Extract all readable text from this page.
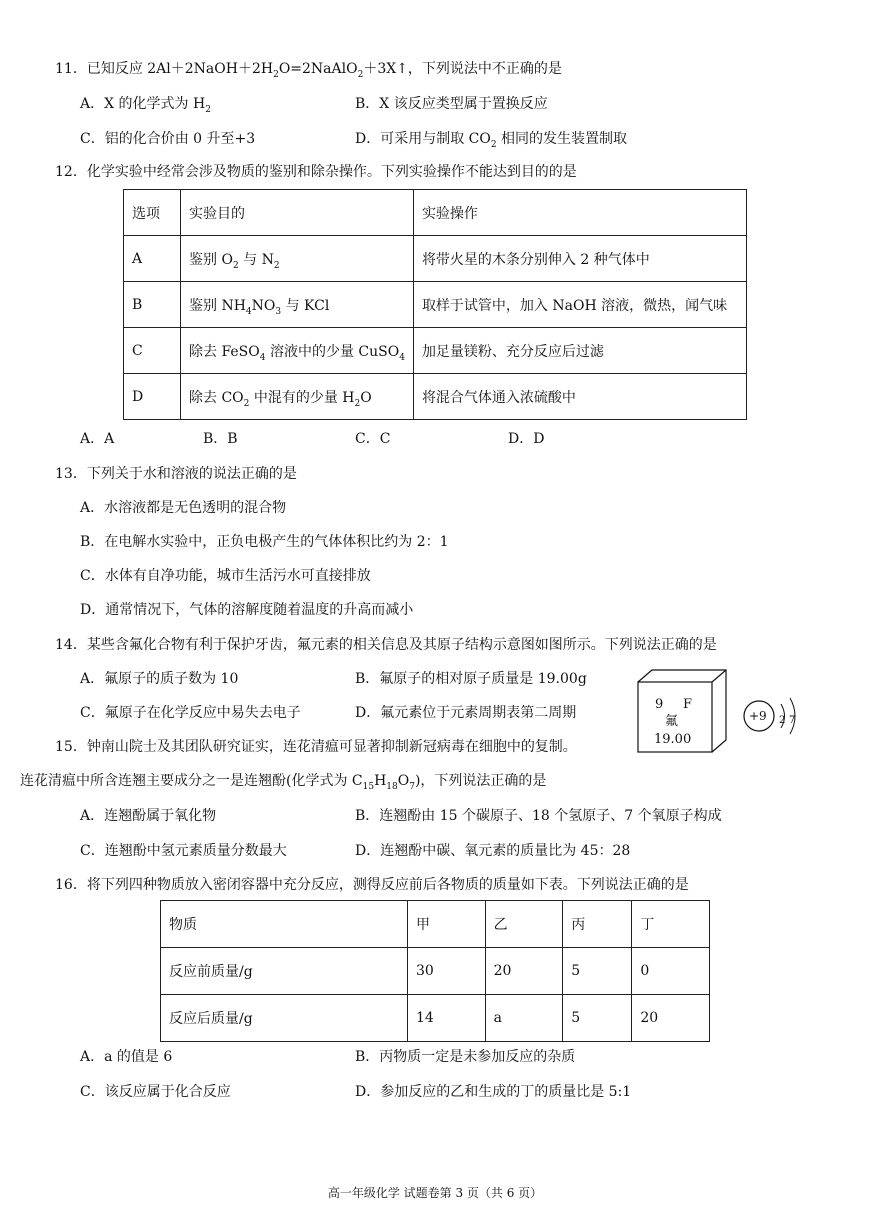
11．已知反应 $2Al+2NaOH+2H_2O=2NaAlO_2+3X↑$，下列说法中不正确的是
A．X 的化学式为 $H_2$	B．X 该反应类型属于置换反应
C．铝的化合价由 0 升至+3	D．可采用与制取 $CO_2$ 相同的发生装置制取
12．化学实验中经常会涉及物质的鉴别和除杂操作。下列实验操作不能达到目的的是
选项	实验目的	实验操作
A	鉴别 $O_2$ 与 $N_2$	将带火星的木条分别伸入 2 种气体中
B	鉴别 $NH_4NO_3$ 与 KCl	取样于试管中，加入 NaOH 溶液，微热，闻气味
C	除去 FeSO$_4$ 溶液中的少量 CuSO$_4$	加足量镁粉、充分反应后过滤
D	除去 $CO_2$ 中混有的少量 $H_2O$	将混合气体通入浓硫酸中
A．A	B．B	C．C	D．D
13．下列关于水和溶液的说法正确的是
A．水溶液都是无色透明的混合物
B．在电解水实验中，正负电极产生的气体体积比约为 2：1
C．水体有自净功能，城市生活污水可直接排放
D．通常情况下，气体的溶解度随着温度的升高而减小
14．某些含氟化合物有利于保护牙齿，氟元素的相关信息及其原子结构示意图如图所示。下列说法正确的是
A．氟原子的质子数为 10	B．氟原子的相对原子质量是 19.00g
C．氟原子在化学反应中易失去电子	D．氟元素位于元素周期表第二周期
9 F
氟
19.00
+9 2 7
15．钟南山院士及其团队研究证实，连花清瘟可显著抑制新冠病毒在细胞中的复制。
连花清瘟中所含连翘主要成分之一是连翘酚(化学式为 $C_{15}H_{18}O_7$)，下列说法正确的是
A．连翘酚属于氧化物	B．连翘酚由 15 个碳原子、18 个氢原子、7 个氧原子构成
C．连翘酚中氢元素质量分数最大	D．连翘酚中碳、氧元素的质量比为 45：28
16．将下列四种物质放入密闭容器中充分反应，测得反应前后各物质的质量如下表。下列说法正确的是
物质	甲	乙	丙	丁
反应前质量/g	30	20	5	0
反应后质量/g	14	a	5	20
A．a 的值是 6	B．丙物质一定是未参加反应的杂质
C．该反应属于化合反应	D．参加反应的乙和生成的丁的质量比是 5:1
高一年级化学 试题卷第 3 页（共 6 页）
